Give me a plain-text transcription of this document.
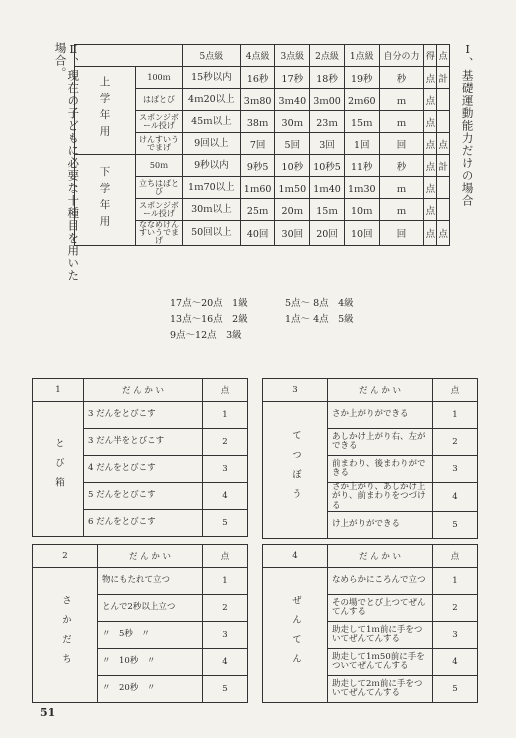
Ⅱ、現在の子どもに必要な十種目を用いた場合。	Ⅰ、基礎運動能力だけの場合
		5点級	4点級	3点級	2点級	1点級	自分の力	得	点
上学年用	100ｍ	15秒以内	16秒	17秒	18秒	19秒	秒	点	計
	はばとび	4ｍ20以上	3ｍ80	3ｍ40	3ｍ00	2ｍ60	ｍ	点	
	スポンジボール投げ	45ｍ以上	38ｍ	30ｍ	23ｍ	15ｍ	ｍ	点	
	けんすいうでまげ	9回以上	7回	5回	3回	1回	回	点	点
下学年用	50ｍ	9秒以内	9秒5	10秒	10秒5	11秒	秒	点	計
	立ちはばとび	1ｍ70以上	1ｍ60	1ｍ50	1ｍ40	1ｍ30	ｍ	点	
	スポンジボール投げ	30ｍ以上	25ｍ	20ｍ	15ｍ	10ｍ	ｍ	点	
	ななめけんすいうでまげ	50回以上	40回	30回	20回	10回	回	点	点
17点～20点　1級	5点～ 8点　4級
13点～16点　2級	1点～ 4点　5級
9点～12点　3級
1	だ ん か い	点
とび箱	3 だんをとびこす	1
	3 だん半をとびこす	2
	4 だんをとびこす	3
	5 だんをとびこす	4
	6 だんをとびこす	5
3	だ ん か い	点
てつぼう	さか上がりができる	1
	あしかけ上がり右、左ができる	2
	前まわり、後まわりができる	3
	さか上がり、あしかけ上がり、前まわりをつづける	4
	け上がりができる	5
2	だ ん か い	点
さかだち	物にもたれて立つ	1
	とんで2秒以上立つ	2
	〃　5秒　〃	3
	〃　10秒　〃	4
	〃　20秒　〃	5
4	だ ん か い	点
ぜんてん	なめらかにころんで立つ	1
	その場でとび上つてぜんてんする	2
	助走して1ｍ前に手をついてぜんてんする	3
	助走して1ｍ50前に手をついてぜんてんする	4
	助走して2ｍ前に手をついてぜんてんする	5
51
